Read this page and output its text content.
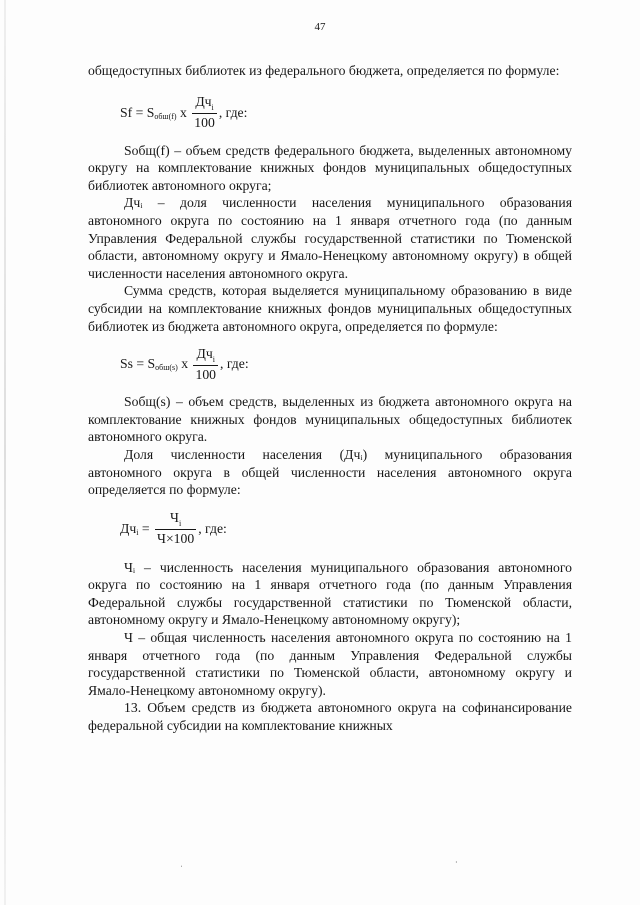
47

общедоступных библиотек из федерального бюджета, определяется по формуле:

Sf = S обш(f)
x
$\frac{Дч_i}{100}$ , где:

Sобщ(f) – объем средств федерального бюджета, выделенных автономному округу на комплектование книжных фондов муниципальных общедоступных библиотек автономного округа;

Дчᵢ – доля численности населения муниципального образования автономного округа по состоянию на 1 января отчетного года (по данным Управления Федеральной службы государственной статистики по Тюменской области, автономному округу и Ямало-Ненецкому автономному округу) в общей численности населения автономного округа.

Сумма средств, которая выделяется муниципальному образованию в виде субсидии на комплектование книжных фондов муниципальных общедоступных библиотек из бюджета автономного округа, определяется по формуле:

Ss = S обш(s)
x
$\frac{Дч_i}{100}$ , где:

Sобщ(s) – объем средств, выделенных из бюджета автономного округа на комплектование книжных фондов муниципальных общедоступных библиотек автономного округа.

Доля численности населения (Дчᵢ) муниципального образования автономного округа в общей численности населения автономного округа определяется по формуле:

Дч $i = \frac{Ч_i}{Ч\times 100}$ , где:

Чᵢ – численность населения муниципального образования автономного округа по состоянию на 1 января отчетного года (по данным Управления Федеральной службы государственной статистики по Тюменской области, автономному округу и Ямало-Ненецкому автономному округу);

Ч – общая численность населения автономного округа по состоянию на 1 января отчетного года (по данным Управления Федеральной службы государственной статистики по Тюменской области, автономному округу и Ямало-Ненецкому автономному округу).

13. Объем средств из бюджета автономного округа на софинансирование федеральной субсидии на комплектование книжных

ˌ	·
